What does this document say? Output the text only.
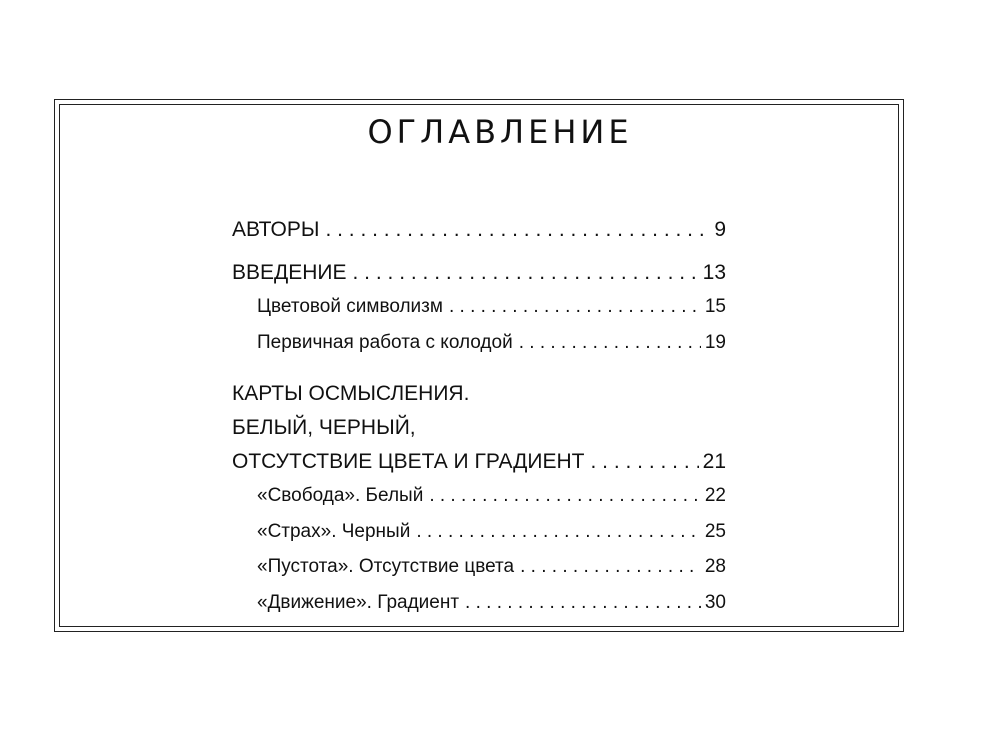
ОГЛАВЛЕНИЕ
АВТОРЫ . . .	9
ВВЕДЕНИЕ . . .	13
Цветовой символизм . . .	15
Первичная работа с колодой . . .	19
КАРТЫ ОСМЫСЛЕНИЯ.
БЕЛЫЙ, ЧЕРНЫЙ,
ОТСУТСТВИЕ ЦВЕТА И ГРАДИЕНТ . . .	21
«Свобода». Белый . . .	22
«Страх». Черный . . .	25
«Пустота». Отсутствие цвета . . .	28
«Движение». Градиент . . .	30
